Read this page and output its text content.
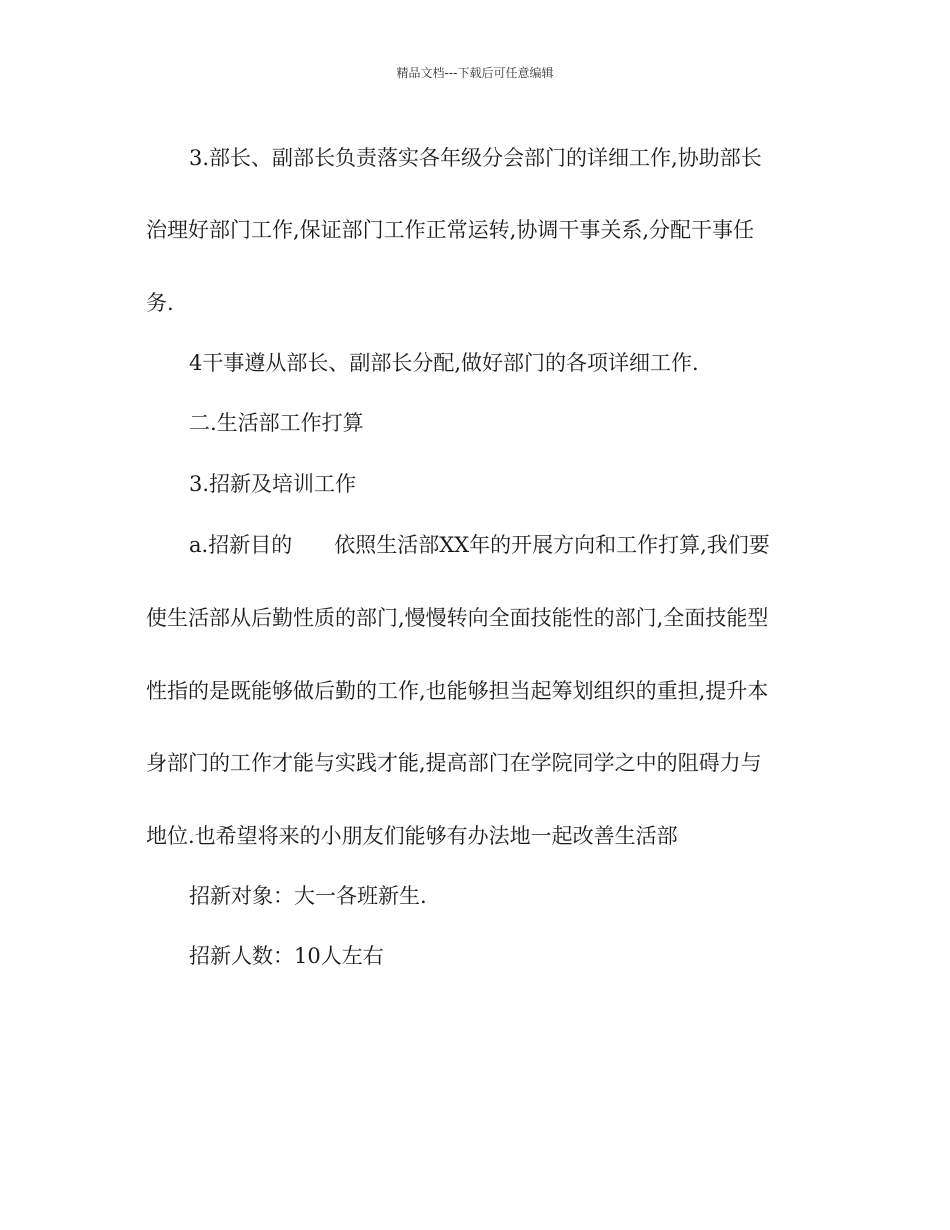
精品文档---下载后可任意编辑
3.部长、副部长负责落实各年级分会部门的详细工作,协助部长
治理好部门工作,保证部门工作正常运转,协调干事关系,分配干事任
务.
4干事遵从部长、副部长分配,做好部门的各项详细工作.
二.生活部工作打算
3.招新及培训工作
a.招新目的　　依照生活部XX年的开展方向和工作打算,我们要
使生活部从后勤性质的部门,慢慢转向全面技能性的部门,全面技能型
性指的是既能够做后勤的工作,也能够担当起筹划组织的重担,提升本
身部门的工作才能与实践才能,提高部门在学院同学之中的阻碍力与
地位.也希望将来的小朋友们能够有办法地一起改善生活部
招新对象：大一各班新生.
招新人数：10人左右
